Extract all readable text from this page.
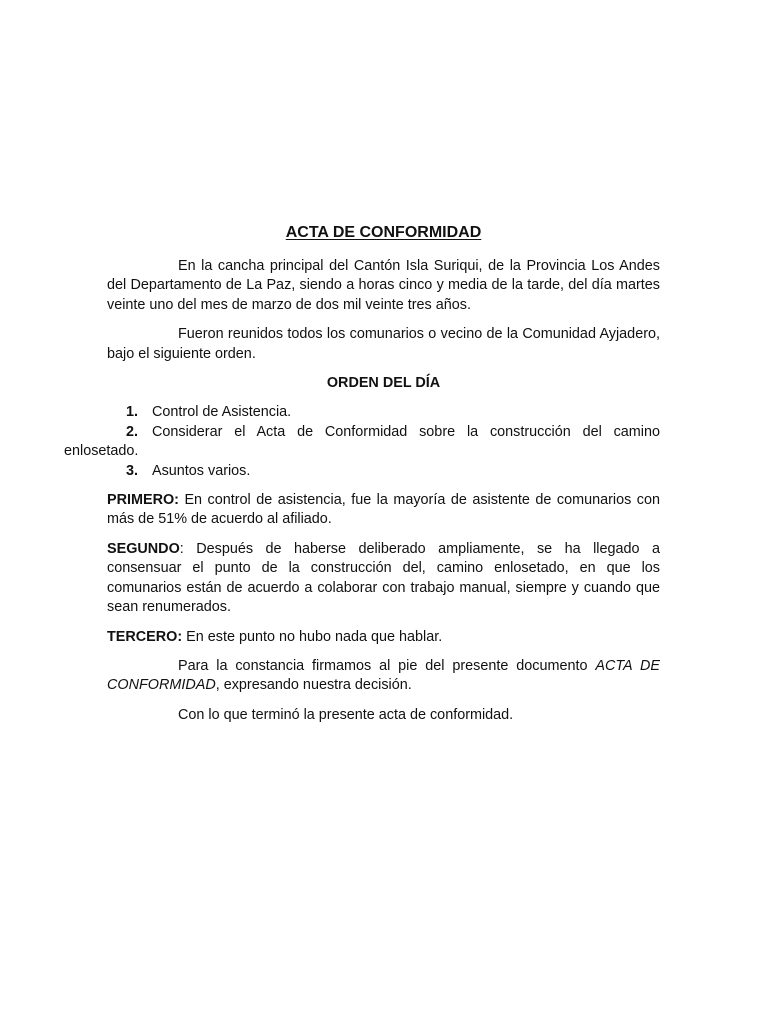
ACTA DE CONFORMIDAD

En la cancha principal del Cantón Isla Suriqui, de la Provincia Los Andes del Departamento de La Paz, siendo a horas cinco y media de la tarde, del día martes veinte uno del mes de marzo de dos mil veinte tres años.

Fueron reunidos todos los comunarios o vecino de la Comunidad Ayjadero, bajo el siguiente orden.

ORDEN DEL DÍA
1. Control de Asistencia.
2. Considerar el Acta de Conformidad sobre la construcción del camino enlosetado.
3. Asuntos varios.

PRIMERO: En control de asistencia, fue la mayoría de asistente de comunarios con más de 51% de acuerdo al afiliado.

SEGUNDO: Después de haberse deliberado ampliamente, se ha llegado a consensuar el punto de la construcción del, camino enlosetado, en que los comunarios están de acuerdo a colaborar con trabajo manual, siempre y cuando que sean renumerados.

TERCERO: En este punto no hubo nada que hablar.

Para la constancia firmamos al pie del presente documento ACTA DE CONFORMIDAD, expresando nuestra decisión.

Con lo que terminó la presente acta de conformidad.
